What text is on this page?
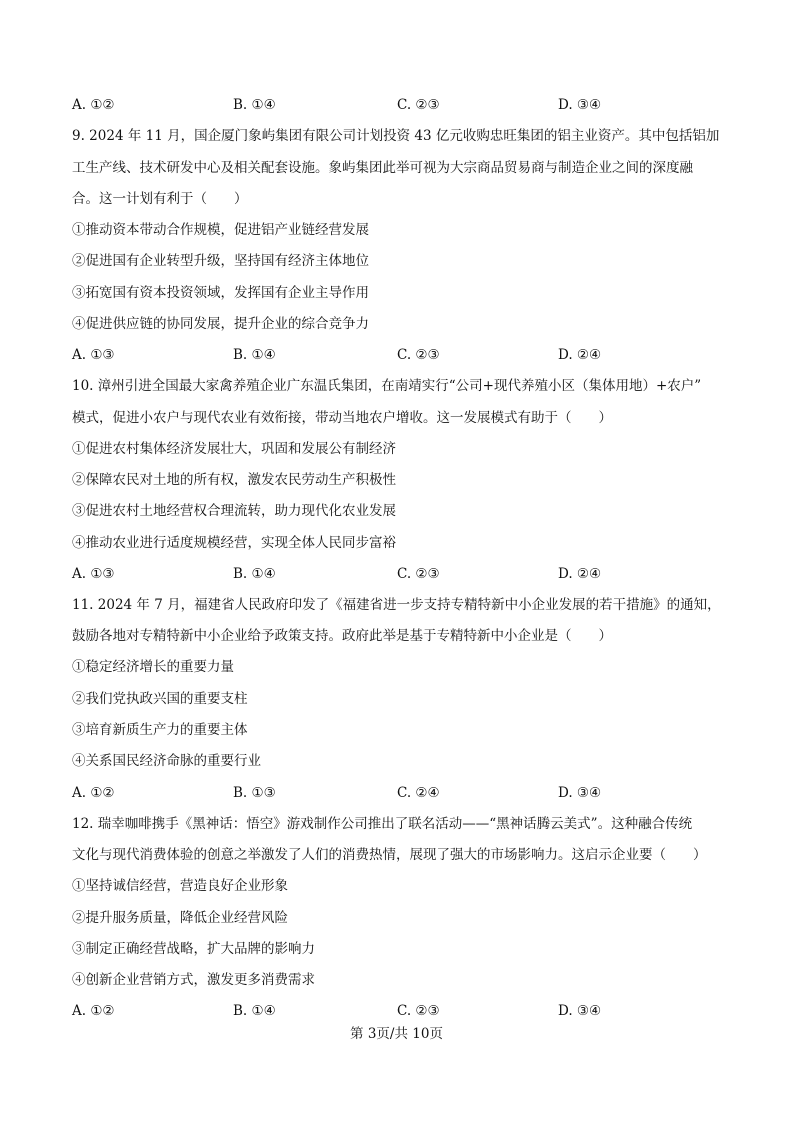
A. ①②	B. ①④	C. ②③	D. ③④
9. 2024 年 11 月，国企厦门象屿集团有限公司计划投资 43 亿元收购忠旺集团的铝主业资产。其中包括铝加
工生产线、技术研发中心及相关配套设施。象屿集团此举可视为大宗商品贸易商与制造企业之间的深度融
合。这一计划有利于（　　）
①推动资本带动合作规模，促进铝产业链经营发展
②促进国有企业转型升级，坚持国有经济主体地位
③拓宽国有资本投资领域，发挥国有企业主导作用
④促进供应链的协同发展，提升企业的综合竞争力
A. ①③	B. ①④	C. ②③	D. ②④
10. 漳州引进全国最大家禽养殖企业广东温氏集团，在南靖实行“公司+现代养殖小区（集体用地）+农户”
模式，促进小农户与现代农业有效衔接，带动当地农户增收。这一发展模式有助于（　　）
①促进农村集体经济发展壮大，巩固和发展公有制经济
②保障农民对土地的所有权，激发农民劳动生产积极性
③促进农村土地经营权合理流转，助力现代化农业发展
④推动农业进行适度规模经营，实现全体人民同步富裕
A. ①③	B. ①④	C. ②③	D. ②④
11. 2024 年 7 月，福建省人民政府印发了《福建省进一步支持专精特新中小企业发展的若干措施》的通知，
鼓励各地对专精特新中小企业给予政策支持。政府此举是基于专精特新中小企业是（　　）
①稳定经济增长的重要力量
②我们党执政兴国的重要支柱
③培育新质生产力的重要主体
④关系国民经济命脉的重要行业
A. ①②	B. ①③	C. ②④	D. ③④
12. 瑞幸咖啡携手《黑神话：悟空》游戏制作公司推出了联名活动——“黑神话腾云美式”。这种融合传统
文化与现代消费体验的创意之举激发了人们的消费热情，展现了强大的市场影响力。这启示企业要（　　）
①坚持诚信经营，营造良好企业形象
②提升服务质量，降低企业经营风险
③制定正确经营战略，扩大品牌的影响力
④创新企业营销方式，激发更多消费需求
A. ①②	B. ①④	C. ②③	D. ③④
第 3页/共 10页
